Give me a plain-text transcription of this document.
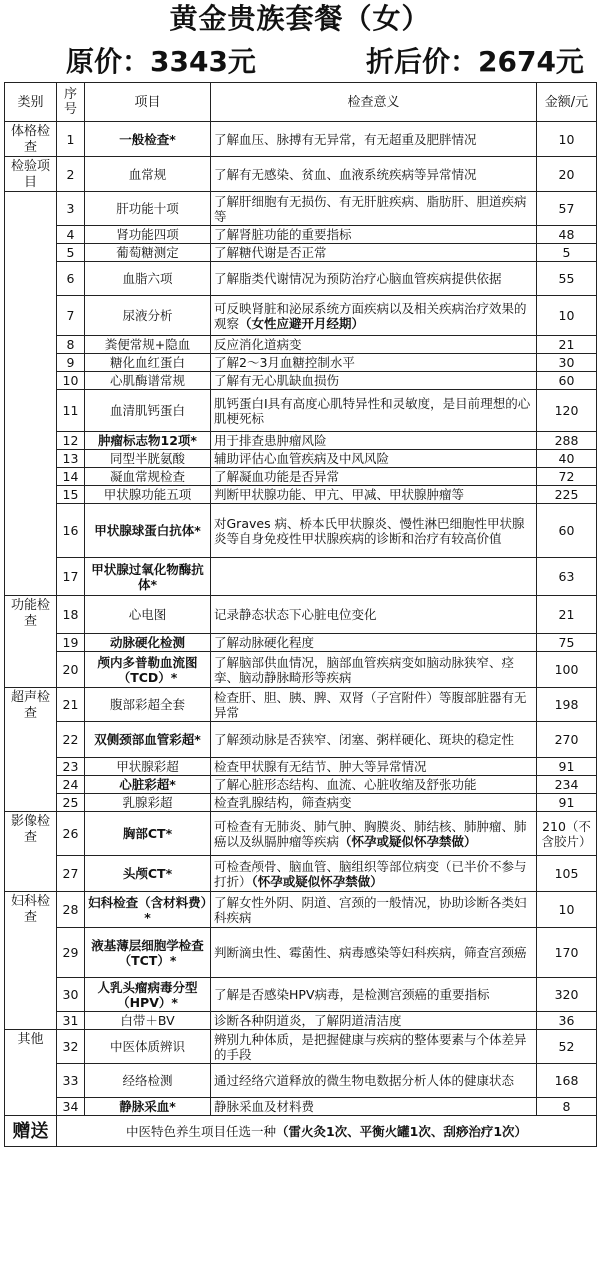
黄金贵族套餐（女）
原价：3343元	折后价：2674元
类别	序号	项目	检查意义	金额/元
体格检查	1	一般检查*	了解血压、脉搏有无异常，有无超重及肥胖情况	10
检验项目	2	血常规	了解有无感染、贫血、血液系统疾病等异常情况	20
	3	肝功能十项	了解肝细胞有无损伤、有无肝脏疾病、脂肪肝、胆道疾病等	57
	4	肾功能四项	了解肾脏功能的重要指标	48
	5	葡萄糖测定	了解糖代谢是否正常	5
	6	血脂六项	了解脂类代谢情况为预防治疗心脑血管疾病提供依据	55
	7	尿液分析	可反映肾脏和泌尿系统方面疾病以及相关疾病治疗效果的观察（女性应避开月经期）	10
	8	粪便常规+隐血	反应消化道病变	21
	9	糖化血红蛋白	了解2～3月血糖控制水平	30
	10	心肌酶谱常规	了解有无心肌缺血损伤	60
	11	血清肌钙蛋白	肌钙蛋白I具有高度心肌特异性和灵敏度，是目前理想的心肌梗死标	120
	12	肿瘤标志物12项*	用于排查患肿瘤风险	288
	13	同型半胱氨酸	辅助评估心血管疾病及中风风险	40
	14	凝血常规检查	了解凝血功能是否异常	72
	15	甲状腺功能五项	判断甲状腺功能、甲亢、甲减、甲状腺肿瘤等	225
	16	甲状腺球蛋白抗体*	对Graves 病、桥本氏甲状腺炎、慢性淋巴细胞性甲状腺炎等自身免疫性甲状腺疾病的诊断和治疗有较高价值	60
	17	甲状腺过氧化物酶抗体*		63
功能检查	18	心电图	记录静态状态下心脏电位变化	21
	19	动脉硬化检测	了解动脉硬化程度	75
	20	颅内多普勒血流图（TCD）*	了解脑部供血情况，脑部血管疾病变如脑动脉狭窄、痉挛、脑动静脉畸形等疾病	100
超声检查	21	腹部彩超全套	检查肝、胆、胰、脾、双肾（子宫附件）等腹部脏器有无异常	198
	22	双侧颈部血管彩超*	了解颈动脉是否狭窄、闭塞、粥样硬化、斑块的稳定性	270
	23	甲状腺彩超	检查甲状腺有无结节、肿大等异常情况	91
	24	心脏彩超*	了解心脏形态结构、血流、心脏收缩及舒张功能	234
	25	乳腺彩超	检查乳腺结构，筛查病变	91
影像检查	26	胸部CT*	可检查有无肺炎、肺气肿、胸膜炎、肺结核、肺肿瘤、肺癌以及纵膈肿瘤等疾病（怀孕或疑似怀孕禁做）	210（不含胶片）
	27	头颅CT*	可检查颅骨、脑血管、脑组织等部位病变（已半价不参与打折）（怀孕或疑似怀孕禁做）	105
妇科检查	28	妇科检查（含材料费）*	了解女性外阴、阴道、宫颈的一般情况，协助诊断各类妇科疾病	10
	29	液基薄层细胞学检查（TCT）*	判断滴虫性、霉菌性、病毒感染等妇科疾病，筛查宫颈癌	170
	30	人乳头瘤病毒分型（HPV）*	了解是否感染HPV病毒，是检测宫颈癌的重要指标	320
	31	白带＋BV	诊断各种阴道炎，了解阴道清洁度	36
其他	32	中医体质辨识	辨别九种体质，是把握健康与疾病的整体要素与个体差异的手段	52
	33	经络检测	通过经络穴道释放的微生物电数据分析人体的健康状态	168
	34	静脉采血*	静脉采血及材料费	8
赠送	中医特色养生项目任选一种（雷火灸1次、平衡火罐1次、刮痧治疗1次）			
